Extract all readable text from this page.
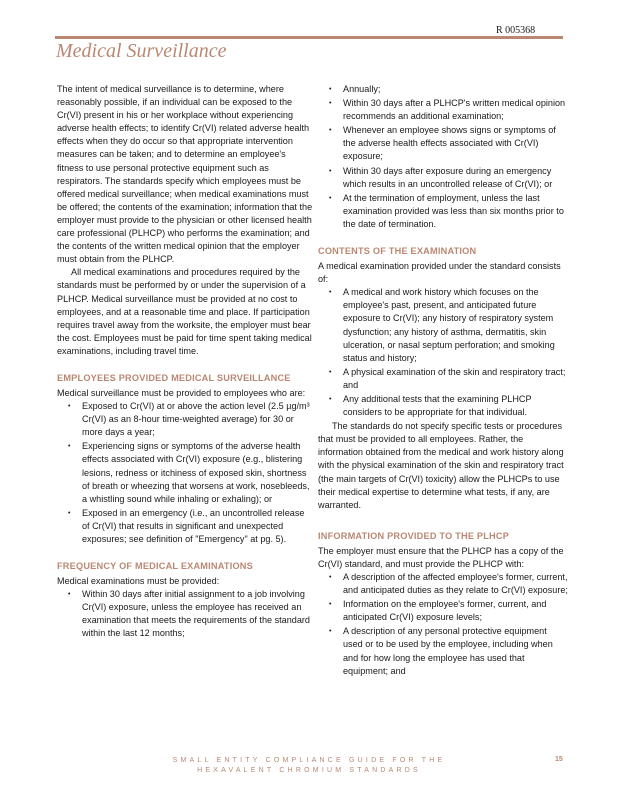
R 005368
Medical Surveillance

The intent of medical surveillance is to determine, where reasonably possible, if an individual can be exposed to the Cr(VI) present in his or her workplace without experiencing adverse health effects; to identify Cr(VI) related adverse health effects when they do occur so that appropriate intervention measures can be taken; and to determine an employee's fitness to use personal protective equipment such as respirators. The standards specify which employees must be offered medical surveillance; when medical examinations must be offered; the contents of the examination; information that the employer must provide to the physician or other licensed health care professional (PLHCP) who performs the examination; and the contents of the written medical opinion that the employer must obtain from the PLHCP.

All medical examinations and procedures required by the standards must be performed by or under the supervision of a PLHCP. Medical surveillance must be provided at no cost to employees, and at a reasonable time and place. If participation requires travel away from the worksite, the employer must bear the cost. Employees must be paid for time spent taking medical examinations, including travel time.

EMPLOYEES PROVIDED MEDICAL SURVEILLANCE

Medical surveillance must be provided to employees who are:

• Exposed to Cr(VI) at or above the action level (2.5 µg/m³ Cr(VI) as an 8-hour time-weighted average) for 30 or more days a year;
• Experiencing signs or symptoms of the adverse health effects associated with Cr(VI) exposure (e.g., blistering lesions, redness or itchiness of exposed skin, shortness of breath or wheezing that worsens at work, nosebleeds, a whistling sound while inhaling or exhaling); or
• Exposed in an emergency (i.e., an uncontrolled release of Cr(VI) that results in significant and unexpected exposures; see definition of "Emergency" at pg. 5).
FREQUENCY OF MEDICAL EXAMINATIONS

Medical examinations must be provided:

• Within 30 days after initial assignment to a job involving Cr(VI) exposure, unless the employee has received an examination that meets the requirements of the standard within the last 12 months;
• Annually;
• Within 30 days after a PLHCP's written medical opinion recommends an additional examination;
• Whenever an employee shows signs or symptoms of the adverse health effects associated with Cr(VI) exposure;
• Within 30 days after exposure during an emergency which results in an uncontrolled release of Cr(VI); or
• At the termination of employment, unless the last examination provided was less than six months prior to the date of termination.
CONTENTS OF THE EXAMINATION

A medical examination provided under the standard consists of:

• A medical and work history which focuses on the employee's past, present, and anticipated future exposure to Cr(VI); any history of respiratory system dysfunction; any history of asthma, dermatitis, skin ulceration, or nasal septum perforation; and smoking status and history;
• A physical examination of the skin and respiratory tract; and
• Any additional tests that the examining PLHCP considers to be appropriate for that individual.

The standards do not specify specific tests or procedures that must be provided to all employees. Rather, the information obtained from the medical and work history along with the physical examination of the skin and respiratory tract (the main targets of Cr(VI) toxicity) allow the PLHCPs to use their medical expertise to determine what tests, if any, are warranted.

INFORMATION PROVIDED TO THE PLHCP

The employer must ensure that the PLHCP has a copy of the Cr(VI) standard, and must provide the PLHCP with:

• A description of the affected employee's former, current, and anticipated duties as they relate to Cr(VI) exposure;
• Information on the employee's former, current, and anticipated Cr(VI) exposure levels;
• A description of any personal protective equipment used or to be used by the employee, including when and for how long the employee has used that equipment; and
SMALL ENTITY COMPLIANCE GUIDE FOR THE
HEXAVALENT CHROMIUM STANDARDS
15
